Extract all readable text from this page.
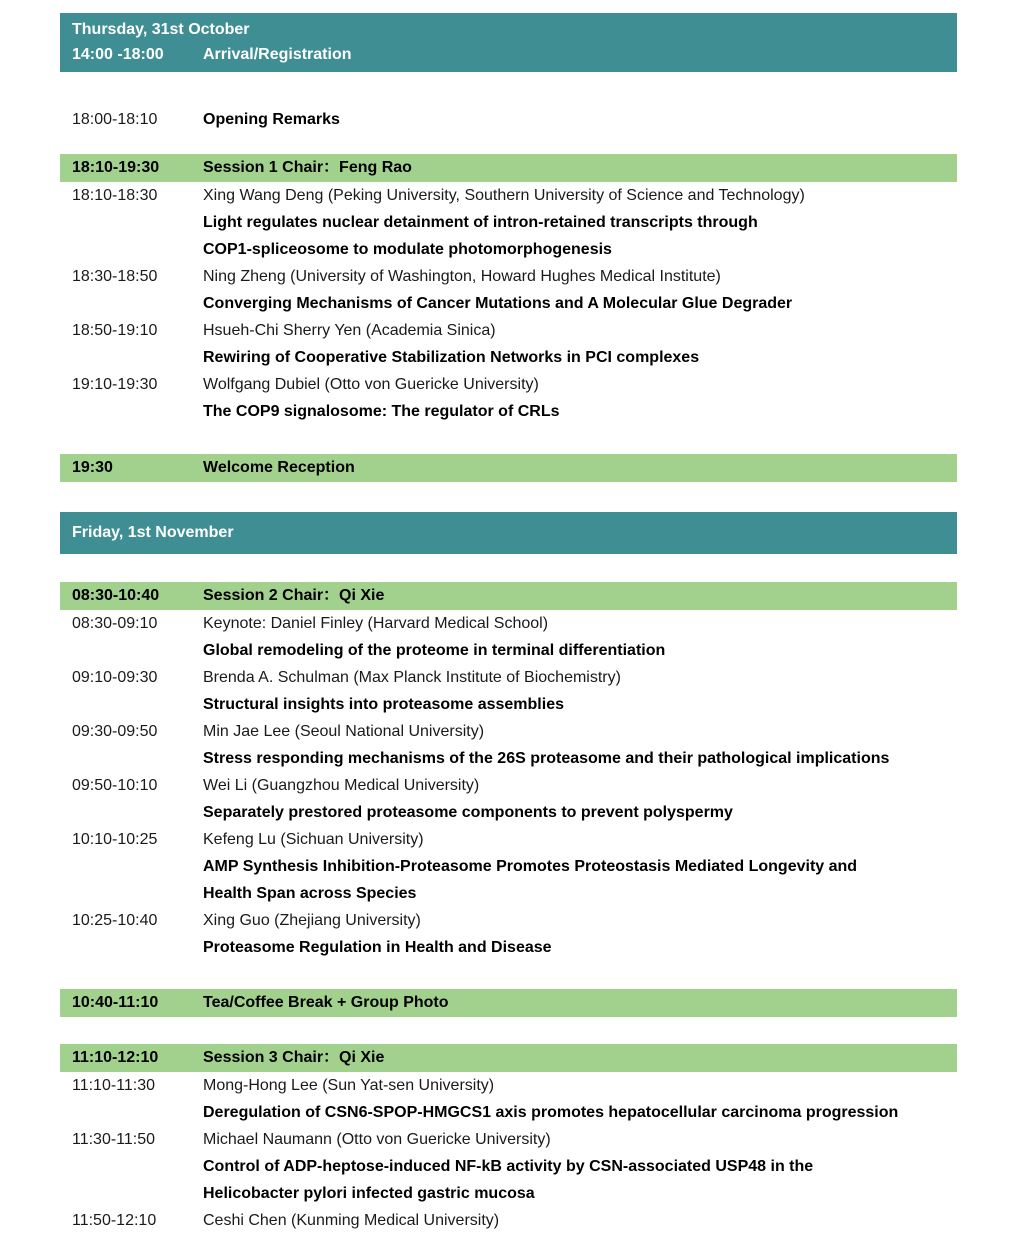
Thursday, 31st October
14:00 -18:00	Arrival/Registration
18:00-18:10	Opening Remarks
18:10-19:30	Session 1 Chair：Feng Rao
18:10-18:30	Xing Wang Deng (Peking University, Southern University of Science and Technology)
Light regulates nuclear detainment of intron-retained transcripts through
COP1-spliceosome to modulate photomorphogenesis
18:30-18:50	Ning Zheng (University of Washington, Howard Hughes Medical Institute)
Converging Mechanisms of Cancer Mutations and A Molecular Glue Degrader
18:50-19:10	Hsueh-Chi Sherry Yen (Academia Sinica)
Rewiring of Cooperative Stabilization Networks in PCI complexes
19:10-19:30	Wolfgang Dubiel (Otto von Guericke University)
The COP9 signalosome: The regulator of CRLs
19:30	Welcome Reception
Friday, 1st November
08:30-10:40	Session 2 Chair：Qi Xie
08:30-09:10	Keynote: Daniel Finley (Harvard Medical School)
Global remodeling of the proteome in terminal differentiation
09:10-09:30	Brenda A. Schulman (Max Planck Institute of Biochemistry)
Structural insights into proteasome assemblies
09:30-09:50	Min Jae Lee (Seoul National University)
Stress responding mechanisms of the 26S proteasome and their pathological implications
09:50-10:10	Wei Li (Guangzhou Medical University)
Separately prestored proteasome components to prevent polyspermy
10:10-10:25	Kefeng Lu (Sichuan University)
AMP Synthesis Inhibition-Proteasome Promotes Proteostasis Mediated Longevity and
Health Span across Species
10:25-10:40	Xing Guo (Zhejiang University)
Proteasome Regulation in Health and Disease
10:40-11:10	Tea/Coffee Break + Group Photo
11:10-12:10	Session 3 Chair：Qi Xie
11:10-11:30	Mong-Hong Lee (Sun Yat-sen University)
Deregulation of CSN6-SPOP-HMGCS1 axis promotes hepatocellular carcinoma progression
11:30-11:50	Michael Naumann (Otto von Guericke University)
Control of ADP-heptose-induced NF-kB activity by CSN-associated USP48 in the
Helicobacter pylori infected gastric mucosa
11:50-12:10	Ceshi Chen (Kunming Medical University)
